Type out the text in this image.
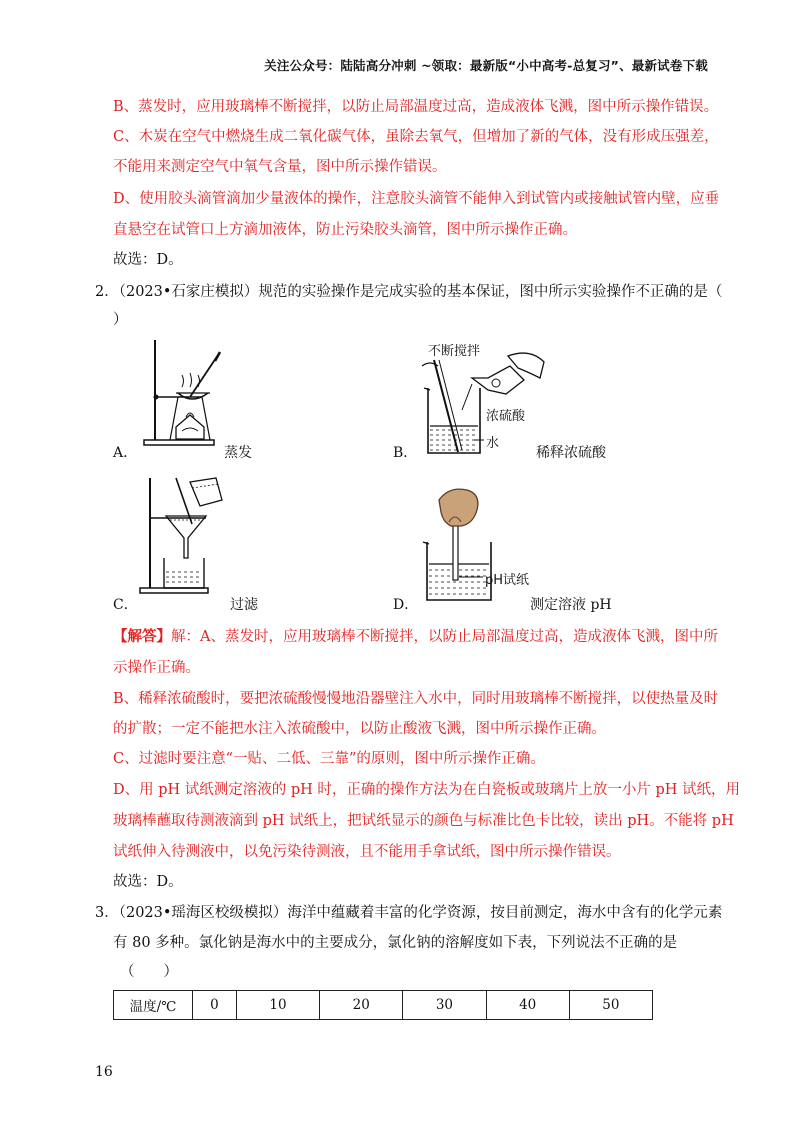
关注公众号：陆陆高分冲刺 ~领取：最新版“小中高考-总复习”、最新试卷下载
B、蒸发时，应用玻璃棒不断搅拌，以防止局部温度过高，造成液体飞溅，图中所示操作错误。
C、木炭在空气中燃烧生成二氧化碳气体，虽除去氧气，但增加了新的气体，没有形成压强差，
不能用来测定空气中氧气含量，图中所示操作错误。
D、使用胶头滴管滴加少量液体的操作，注意胶头滴管不能伸入到试管内或接触试管内壁，应垂
直悬空在试管口上方滴加液体，防止污染胶头滴管，图中所示操作正确。
故选：D。
2．（2023•石家庄模拟）规范的实验操作是完成实验的基本保证，图中所示实验操作不正确的是（
）
A．	蒸发
不断搅拌
浓硫酸
水
B．	稀释浓硫酸
C．	过滤
pH试纸
D．	测定溶液 pH
【解答】解：A、蒸发时，应用玻璃棒不断搅拌，以防止局部温度过高，造成液体飞溅，图中所
示操作正确。
B、稀释浓硫酸时，要把浓硫酸慢慢地沿器壁注入水中，同时用玻璃棒不断搅拌，以使热量及时
的扩散；一定不能把水注入浓硫酸中，以防止酸液飞溅，图中所示操作正确。
C、过滤时要注意“一贴、二低、三靠”的原则，图中所示操作正确。
D、用 pH 试纸测定溶液的 pH 时，正确的操作方法为在白瓷板或玻璃片上放一小片 pH 试纸，用
玻璃棒蘸取待测液滴到 pH 试纸上，把试纸显示的颜色与标准比色卡比较，读出 pH。不能将 pH
试纸伸入待测液中，以免污染待测液，且不能用手拿试纸，图中所示操作错误。
故选：D。
3．（2023•瑶海区校级模拟）海洋中蕴藏着丰富的化学资源，按目前测定，海水中含有的化学元素
有 80 多种。氯化钠是海水中的主要成分，氯化钠的溶解度如下表，下列说法不正确的是
（　　）
温度/℃	0	10	20	30	40	50
16
